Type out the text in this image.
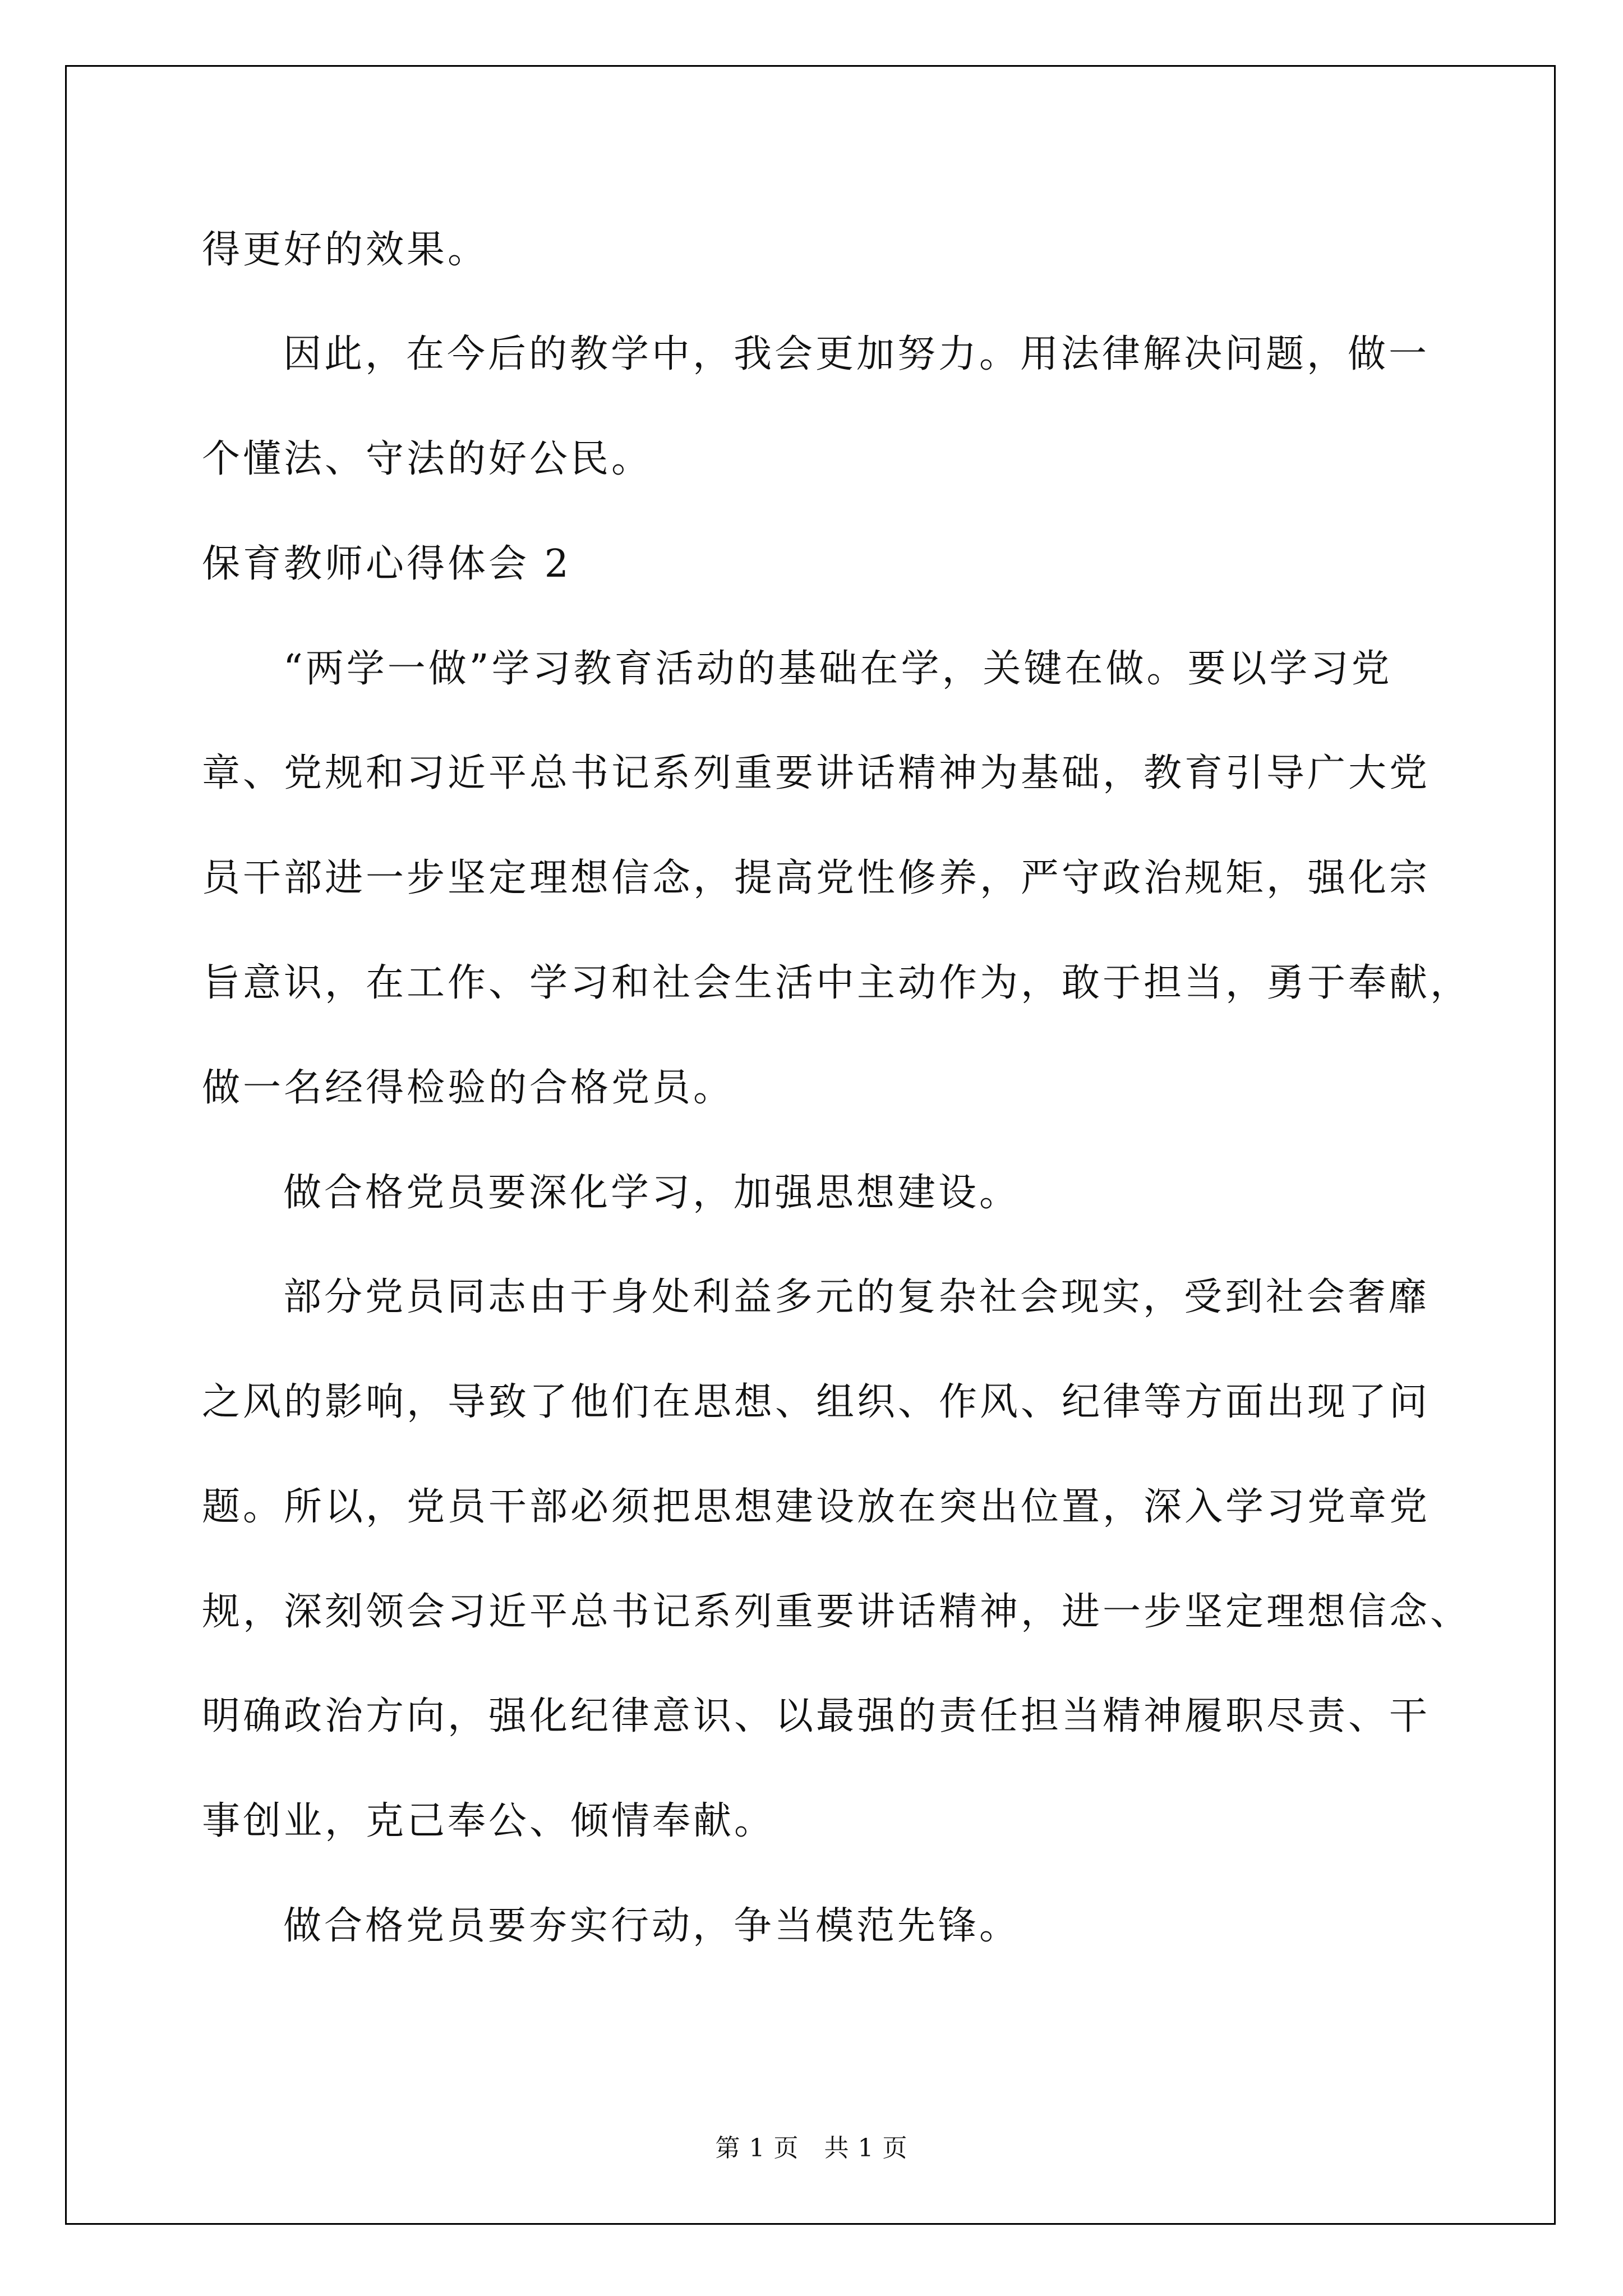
得更好的效果。

因此，在今后的教学中，我会更加努力。用法律解决问题，做一

个懂法、守法的好公民。

保育教师心得体会 2

“两学一做”学习教育活动的基础在学，关键在做。要以学习党

章、党规和习近平总书记系列重要讲话精神为基础，教育引导广大党

员干部进一步坚定理想信念，提高党性修养，严守政治规矩，强化宗

旨意识，在工作、学习和社会生活中主动作为，敢于担当，勇于奉献，

做一名经得检验的合格党员。

做合格党员要深化学习，加强思想建设。

部分党员同志由于身处利益多元的复杂社会现实，受到社会奢靡

之风的影响，导致了他们在思想、组织、作风、纪律等方面出现了问

题。所以，党员干部必须把思想建设放在突出位置，深入学习党章党

规，深刻领会习近平总书记系列重要讲话精神，进一步坚定理想信念、

明确政治方向，强化纪律意识、以最强的责任担当精神履职尽责、干

事创业，克己奉公、倾情奉献。

做合格党员要夯实行动，争当模范先锋。

第 1 页   共 1 页
